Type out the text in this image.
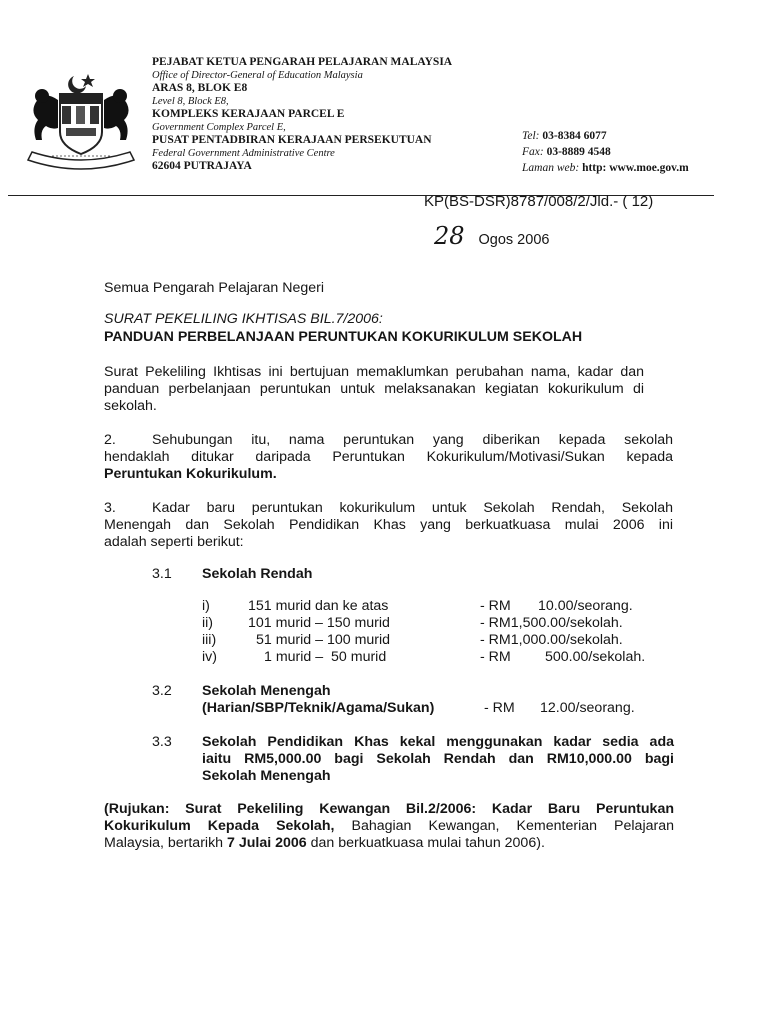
PEJABAT KETUA PENGARAH PELAJARAN MALAYSIA
Office of Director-General of Education Malaysia
ARAS 8, BLOK E8
Level 8, Block E8,
KOMPLEKS KERAJAAN PARCEL E
Government Complex Parcel E,
PUSAT PENTADBIRAN KERAJAAN PERSEKUTUAN
Federal Government Administrative Centre
62604 PUTRAJAYA
Tel: 03-8384 6077
Fax: 03-8889 4548
Laman web: http: www.moe.gov.m
KP(BS-DSR)8787/008/2/Jld.- ( 12)
28 Ogos 2006
Semua Pengarah Pelajaran Negeri
SURAT PEKELILING IKHTISAS BIL.7/2006:
PANDUAN PERBELANJAAN PERUNTUKAN KOKURIKULUM SEKOLAH
Surat Pekeliling Ikhtisas ini bertujuan memaklumkan perubahan nama, kadar dan
panduan perbelanjaan peruntukan untuk melaksanakan kegiatan kokurikulum di
sekolah.
2.	Sehubungan itu, nama peruntukan yang diberikan kepada sekolah
hendaklah ditukar daripada Peruntukan Kokurikulum/Motivasi/Sukan kepada
Peruntukan Kokurikulum.
3.	Kadar baru peruntukan kokurikulum untuk Sekolah Rendah, Sekolah
Menengah dan Sekolah Pendidikan Khas yang berkuatkuasa mulai 2006 ini
adalah seperti berikut:
3.1 Sekolah Rendah
i)	151 murid dan ke atas	- RM 10.00/seorang.
ii) 101 murid – 150 murid	- RM1,500.00/sekolah.
iii)	51 murid – 100 murid	- RM1,000.00/sekolah.
iv)	1 murid –  50 murid	- RM 500.00/sekolah.
3.2 Sekolah Menengah
(Harian/SBP/Teknik/Agama/Sukan)	- RM 12.00/seorang.
3.3 Sekolah Pendidikan Khas kekal menggunakan kadar sedia ada
iaitu RM5,000.00 bagi Sekolah Rendah dan RM10,000.00 bagi
Sekolah Menengah
(Rujukan: Surat Pekeliling Kewangan Bil.2/2006: Kadar Baru Peruntukan
Kokurikulum Kepada Sekolah, Bahagian Kewangan, Kementerian Pelajaran
Malaysia, bertarikh 7 Julai 2006 dan berkuatkuasa mulai tahun 2006).
